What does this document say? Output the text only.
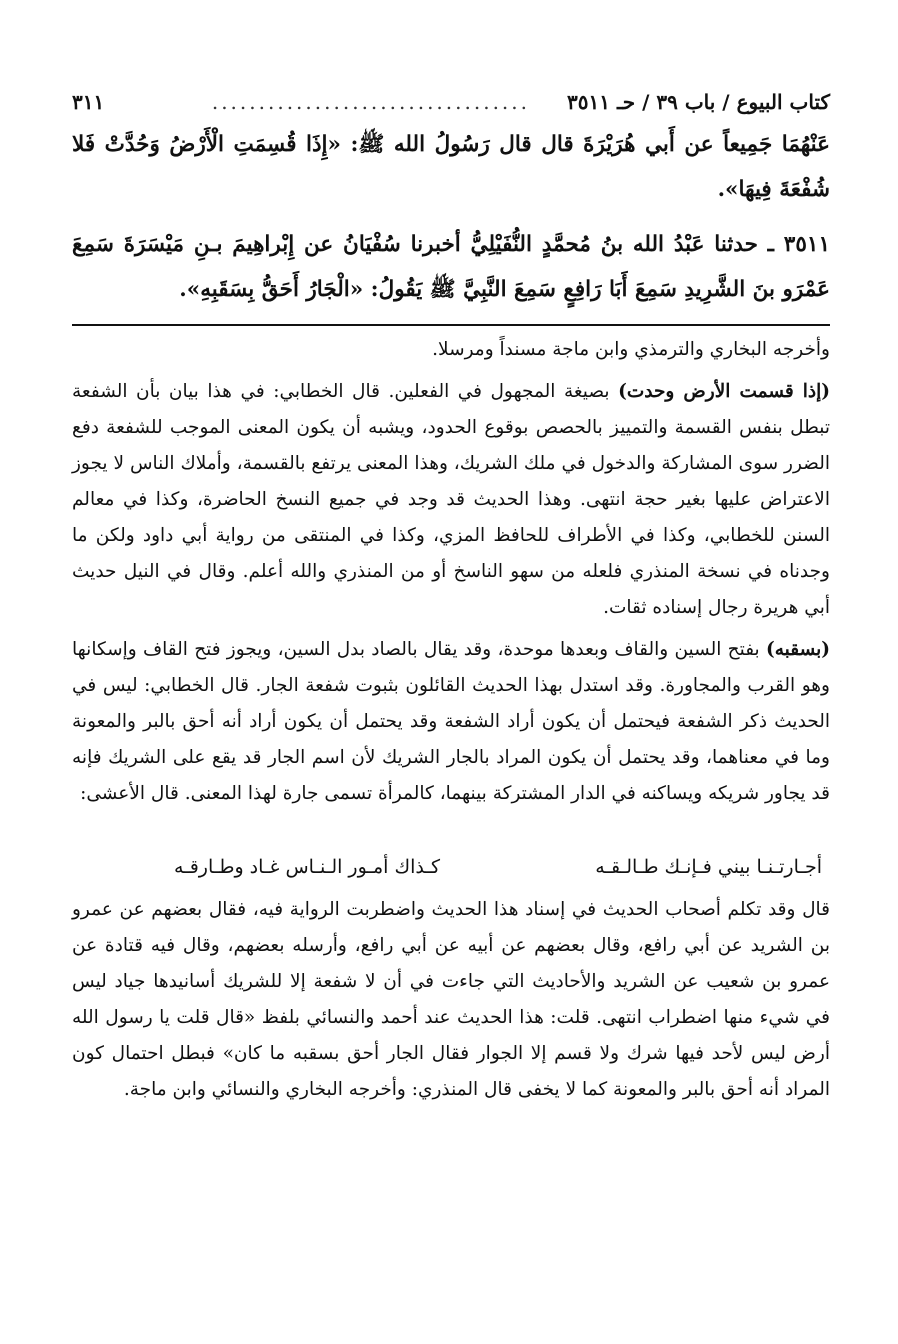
كتاب البيوع / باب ٣٩ / حـ ٣٥١١
..................................
٣١١

عَنْهُمَا جَمِيعاً عن أَبي هُرَيْرَةَ قال قال رَسُولُ الله ﷺ: «إِذَا قُسِمَتِ الْأَرْضُ وَحُدَّتْ فَلا شُفْعَةَ فِيهَا».

٣٥١١ ـ حدثنا عَبْدُ الله بنُ مُحمَّدٍ النُّفَيْلِيُّ أخبرنا سُفْيَانُ عن إِبْراهِيمَ بـنِ مَيْسَرَةَ سَمِعَ عَمْرَو بنَ الشَّرِيدِ سَمِعَ أَبَا رَافِعٍ سَمِعَ النَّبِيَّ ﷺ يَقُولُ: «الْجَارُ أَحَقُّ بِسَقَبِهِ».

وأخرجه البخاري والترمذي وابن ماجة مسنداً ومرسلا.

(إذا قسمت الأرض وحدت) بصيغة المجهول في الفعلين. قال الخطابي: في هذا بيان بأن الشفعة تبطل بنفس القسمة والتمييز بالحصص بوقوع الحدود، ويشبه أن يكون المعنى الموجب للشفعة دفع الضرر سوى المشاركة والدخول في ملك الشريك، وهذا المعنى يرتفع بالقسمة، وأملاك الناس لا يجوز الاعتراض عليها بغير حجة انتهى. وهذا الحديث قد وجد في جميع النسخ الحاضرة، وكذا في معالم السنن للخطابي، وكذا في الأطراف للحافظ المزي، وكذا في المنتقى من رواية أبي داود ولكن ما وجدناه في نسخة المنذري فلعله من سهو الناسخ أو من المنذري والله أعلم. وقال في النيل حديث أبي هريرة رجال إسناده ثقات.

(بسقبه) بفتح السين والقاف وبعدها موحدة، وقد يقال بالصاد بدل السين، ويجوز فتح القاف وإسكانها وهو القرب والمجاورة. وقد استدل بهذا الحديث القائلون بثبوت شفعة الجار. قال الخطابي: ليس في الحديث ذكر الشفعة فيحتمل أن يكون أراد الشفعة وقد يحتمل أن يكون أراد أنه أحق بالبر والمعونة وما في معناهما، وقد يحتمل أن يكون المراد بالجار الشريك لأن اسم الجار قد يقع على الشريك فإنه قد يجاور شريكه ويساكنه في الدار المشتركة بينهما، كالمرأة تسمى جارة لهذا المعنى. قال الأعشى:

أجـارتـنـا بيني فـإنـك طـالـقـه
كـذاك أمـور الـنـاس غـاد وطـارقـه

قال وقد تكلم أصحاب الحديث في إسناد هذا الحديث واضطربت الرواية فيه، فقال بعضهم عن عمرو بن الشريد عن أبي رافع، وقال بعضهم عن أبيه عن أبي رافع، وأرسله بعضهم، وقال فيه قتادة عن عمرو بن شعيب عن الشريد والأحاديث التي جاءت في أن لا شفعة إلا للشريك أسانيدها جياد ليس في شيء منها اضطراب انتهى. قلت: هذا الحديث عند أحمد والنسائي بلفظ «قال قلت يا رسول الله أرض ليس لأحد فيها شرك ولا قسم إلا الجوار فقال الجار أحق بسقبه ما كان» فبطل احتمال كون المراد أنه أحق بالبر والمعونة كما لا يخفى قال المنذري: وأخرجه البخاري والنسائي وابن ماجة.
